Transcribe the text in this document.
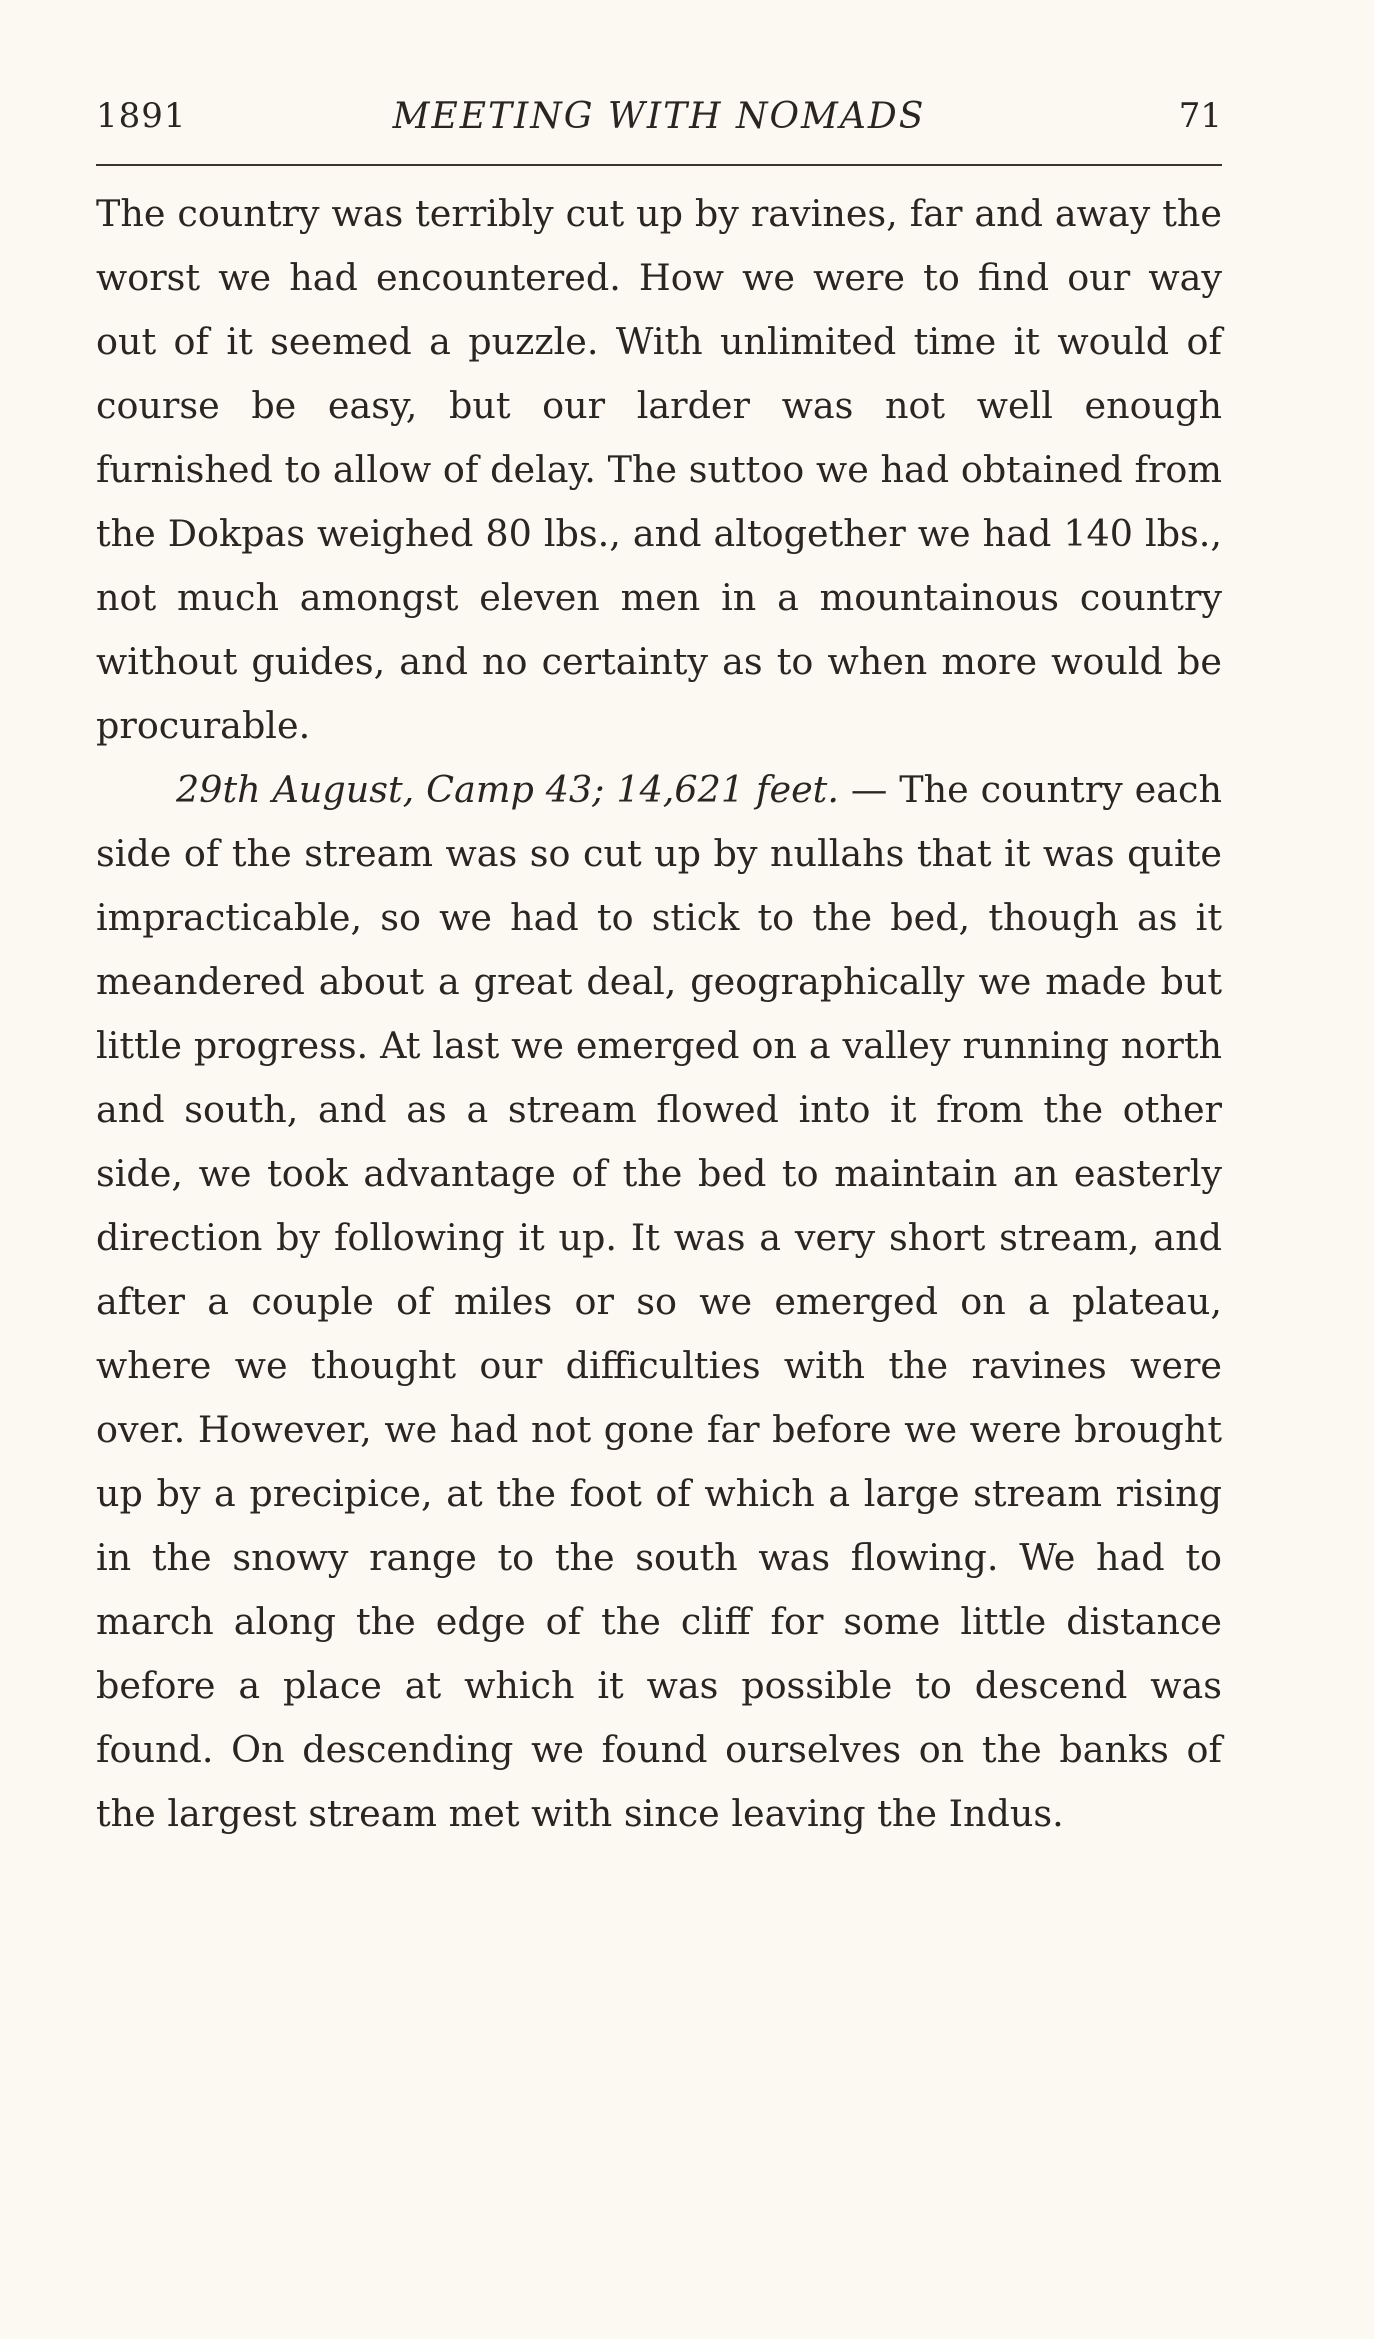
1891	MEETING WITH NOMADS	71

The country was terribly cut up by ravines, far and away the worst we had encountered. How we were to find our way out of it seemed a puzzle. With unlimited time it would of course be easy, but our larder was not well enough furnished to allow of delay. The suttoo we had obtained from the Dokpas weighed 80 lbs., and altogether we had 140 lbs., not much amongst eleven men in a mountainous country without guides, and no certainty as to when more would be procurable.

29th August, Camp 43; 14,621 feet. — The country each side of the stream was so cut up by nullahs that it was quite impracticable, so we had to stick to the bed, though as it meandered about a great deal, geographically we made but little progress. At last we emerged on a valley running north and south, and as a stream flowed into it from the other side, we took advantage of the bed to maintain an easterly direction by following it up. It was a very short stream, and after a couple of miles or so we emerged on a plateau, where we thought our difficulties with the ravines were over. However, we had not gone far before we were brought up by a precipice, at the foot of which a large stream rising in the snowy range to the south was flowing. We had to march along the edge of the cliff for some little distance before a place at which it was possible to descend was found. On descending we found ourselves on the banks of the largest stream met with since leaving the Indus.
